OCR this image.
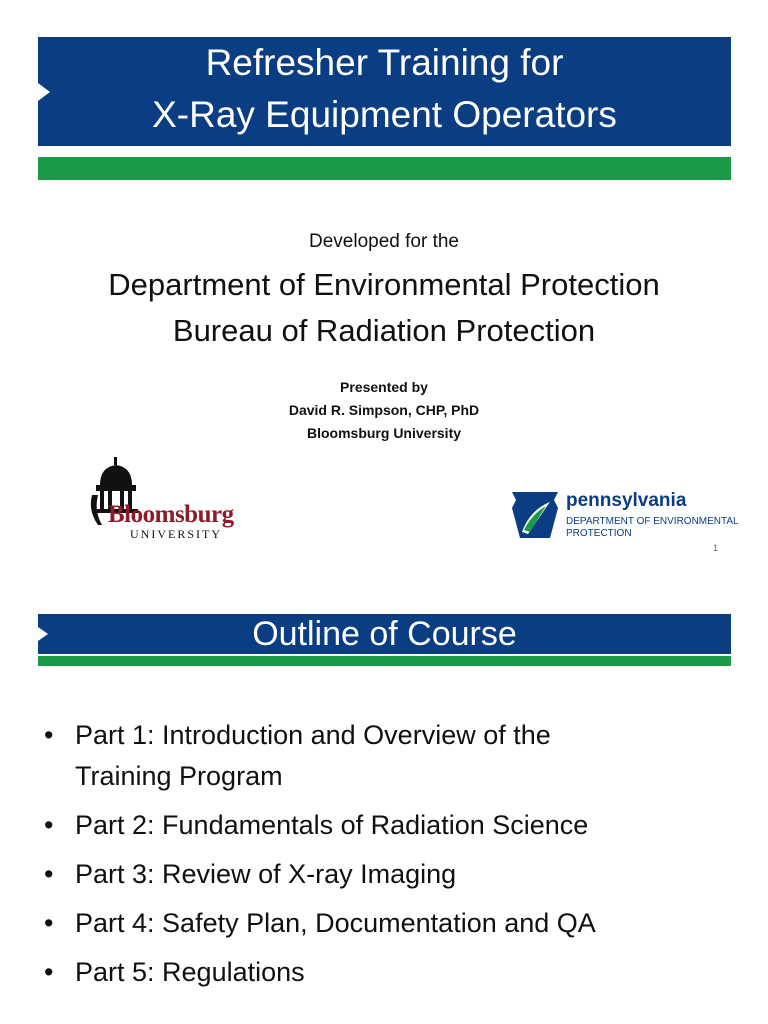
Refresher Training for
X-Ray Equipment Operators
Developed for the
Department of Environmental Protection
Bureau of Radiation Protection
Presented by
David R. Simpson, CHP, PhD
Bloomsburg University
Bloomsburg
UNIVERSITY
pennsylvania
DEPARTMENT OF ENVIRONMENTAL
PROTECTION
1
Outline of Course
• Part 1: Introduction and Overview of the
Training Program
• Part 2: Fundamentals of Radiation Science
• Part 3: Review of X-ray Imaging
• Part 4: Safety Plan, Documentation and QA
• Part 5: Regulations
